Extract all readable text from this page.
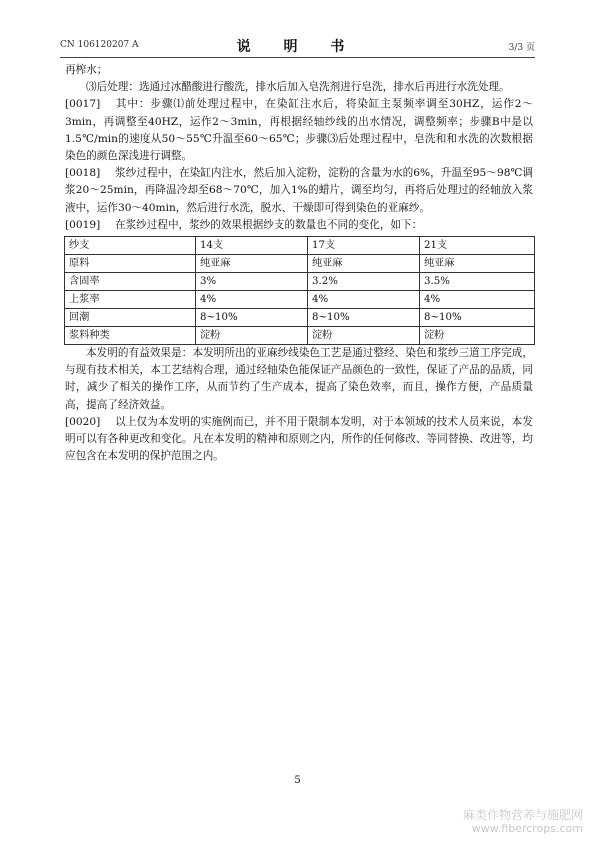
CN 106120207 A	说 明 书	3/3 页

再榨水；

⑶后处理：选通过冰醋酸进行酸洗，排水后加入皂洗剂进行皂洗，排水后再进行水洗处理。

[0017] 其中：步骤⑴前处理过程中，在染缸注水后，将染缸主泵频率调至30HZ，运作2～3min，再调整至40HZ，运作2～3min，再根据经轴纱线的出水情况，调整频率；步骤B中是以1.5℃/min的速度从50～55℃升温至60～65℃；步骤⑶后处理过程中，皂洗和和水洗的次数根据染色的颜色深浅进行调整。

[0018] 浆纱过程中，在染缸内注水，然后加入淀粉，淀粉的含量为水的6%，升温至95～98℃调浆20～25min，再降温冷却至68～70℃，加入1%的蜡片，调至均匀，再将后处理过的经轴放入浆液中，运作30～40min，然后进行水洗，脱水、干燥即可得到染色的亚麻纱。

[0019] 在浆纱过程中，浆纱的效果根据纱支的数量也不同的变化，如下：

纱支	14支	17支	21支
原料	纯亚麻	纯亚麻	纯亚麻
含固率	3%	3.2%	3.5%
上浆率	4%	4%	4%
回潮	8~10%	8~10%	8~10%
浆料种类	淀粉	淀粉	淀粉

本发明的有益效果是：本发明所出的亚麻纱线染色工艺是通过整经、染色和浆纱三道工序完成，与现有技术相关，本工艺结构合理，通过经轴染色能保证产品颜色的一致性，保证了产品的品质，同时，减少了相关的操作工序，从而节约了生产成本，提高了染色效率，而且，操作方便，产品质量高，提高了经济效益。

[0020] 以上仅为本发明的实施例而已，并不用于限制本发明，对于本领域的技术人员来说，本发明可以有各种更改和变化。凡在本发明的精神和原则之内，所作的任何修改、等同替换、改进等，均应包含在本发明的保护范围之内。

5
麻类作物营养与施肥网
www.fibercrops.com
